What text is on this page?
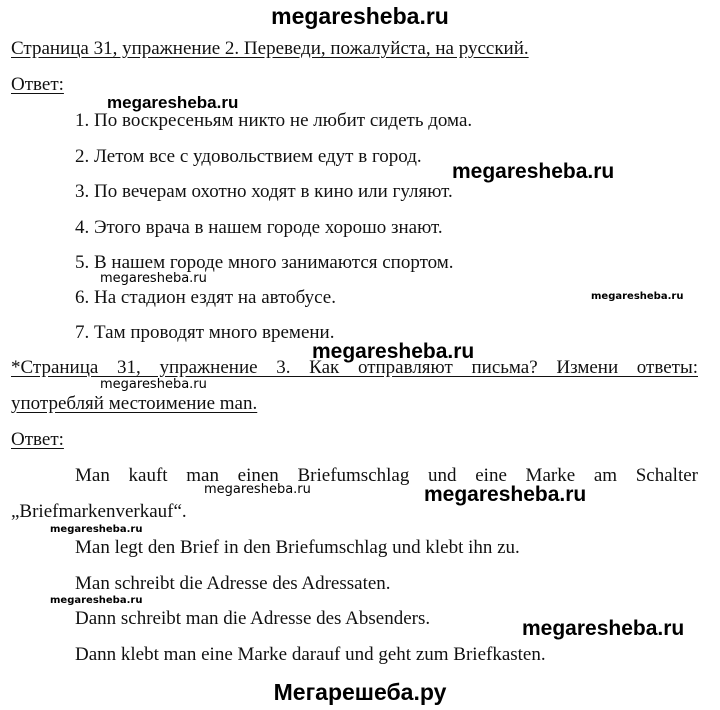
megaresheba.ru
Страница 31, упражнение 2. Переведи, пожалуйста, на русский.
Ответ:
1. По воскресеньям никто не любит сидеть дома.
2. Летом все с удовольствием едут в город.
3. По вечерам охотно ходят в кино или гуляют.
4. Этого врача в нашем городе хорошо знают.
5. В нашем городе много занимаются спортом.
6. На стадион ездят на автобусе.
7. Там проводят много времени.
*Страница 31, упражнение 3. Как отправляют письма? Измени ответы:
употребляй местоимение man.
Ответ:
Man kauft man einen Briefumschlag und eine Marke am Schalter
„Briefmarkenverkauf“.
Man legt den Brief in den Briefumschlag und klebt ihn zu.
Man schreibt die Adresse des Adressaten.
Dann schreibt man die Adresse des Absenders.
Dann klebt man eine Marke darauf und geht zum Briefkasten.
megaresheba.ru
megaresheba.ru
megaresheba.ru
megaresheba.ru
megaresheba.ru
megaresheba.ru
megaresheba.ru	megaresheba.ru
megaresheba.ru
megaresheba.ru
megaresheba.ru
Мегарешеба.ру
